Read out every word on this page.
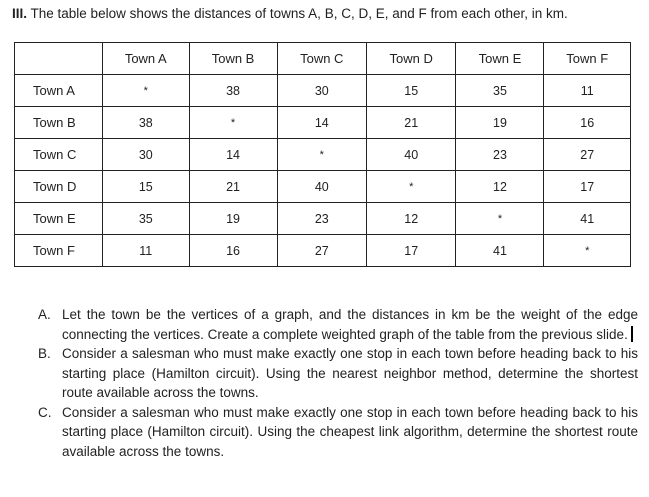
III. The table below shows the distances of towns A, B, C, D, E, and F from each other, in km.
	Town A	Town B	Town C	Town D	Town E	Town F
Town A	*	38	30	15	35	11
Town B	38	*	14	21	19	16
Town C	30	14	*	40	23	27
Town D	15	21	40	*	12	17
Town E	35	19	23	12	*	41
Town F	11	16	27	17	41	*
A. Let the town be the vertices of a graph, and the distances in km be the weight of the edge connecting the vertices. Create a complete weighted graph of the table from the previous slide.
B. Consider a salesman who must make exactly one stop in each town before heading back to his starting place (Hamilton circuit). Using the nearest neighbor method, determine the shortest route available across the towns.
C. Consider a salesman who must make exactly one stop in each town before heading back to his starting place (Hamilton circuit). Using the cheapest link algorithm, determine the shortest route available across the towns.
